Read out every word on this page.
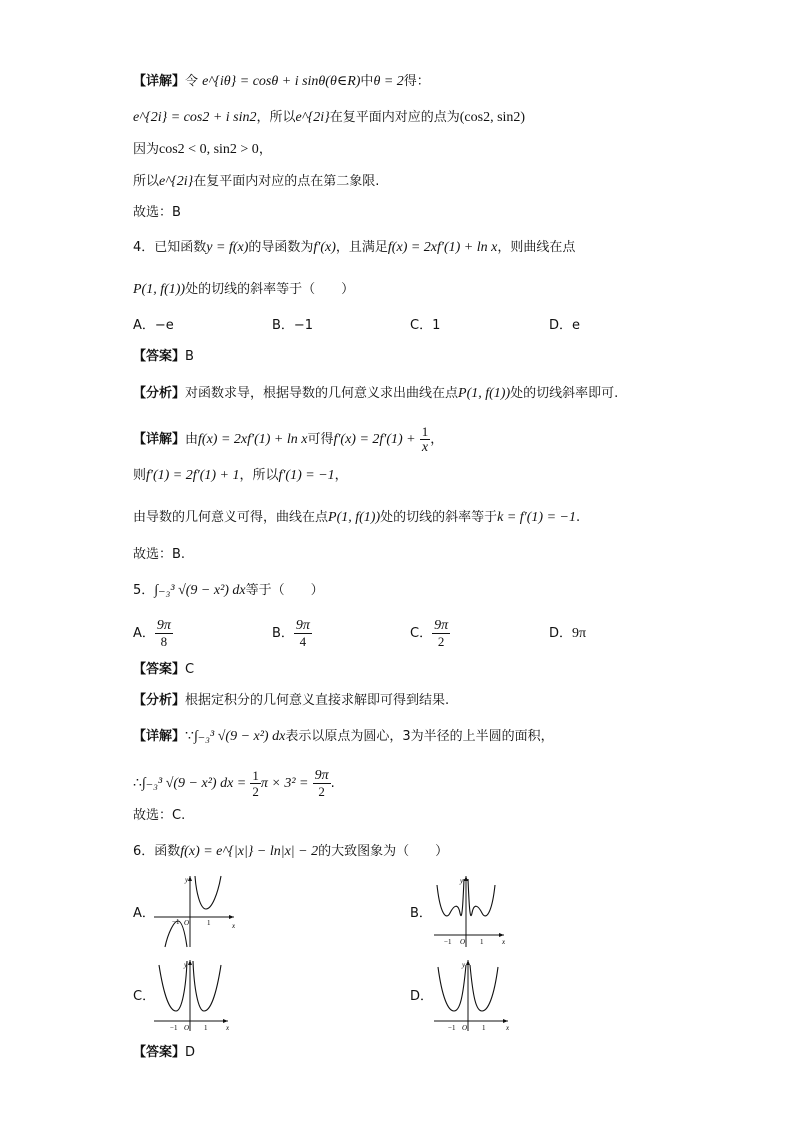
【详解】令 e^{iθ} = cosθ + i sinθ(θ∈R)中θ = 2得：
e^{2i} = cos2 + i sin2，所以e^{2i}在复平面内对应的点为(cos2, sin2)
因为cos2 < 0, sin2 > 0，
所以e^{2i}在复平面内对应的点在第二象限.
故选：B
4．已知函数y = f(x)的导函数为f′(x)，且满足f(x) = 2xf′(1) + ln x，则曲线在点
P(1, f(1))处的切线的斜率等于（　　）
A．−e	B．−1	C．1	D．e
【答案】B
【分析】对函数求导，根据导数的几何意义求出曲线在点P(1, f(1))处的切线斜率即可.
【详解】由f(x) = 2xf′(1) + ln x可得$f'(x) = 2f'(1) + \frac{1}{x}$ ，
则f′(1) = 2f′(1) + 1，所以f′(1) = −1，
由导数的几何意义可得，曲线在点P(1, f(1))处的切线的斜率等于k = f′(1) = −1.
故选：B.
5．∫₋₃³ √(9 − x²) dx等于（　　）
A． $\frac{9\pi}{8}$	B． $\frac{9\pi}{4}$	C． $\frac{9\pi}{2}$	D．9π
【答案】C
【分析】根据定积分的几何意义直接求解即可得到结果.
【详解】∵∫₋₃³ √(9 − x²) dx表示以原点为圆心，3为半径的上半圆的面积，
∴∫₋₃³ √(9 − x²) dx = $\frac{1}{2}$ $\pi \times 3^2 = \frac{9\pi}{2}$ .
故选：C.
6．函数f(x) = e^{|x|} − ln|x| − 2的大致图象为（　　）
A．	B．
C．	D．
y
x
−1 O	1
y
x
−1 O 1
y
x
−1 O 1
y
x
−1 O 1
【答案】D
